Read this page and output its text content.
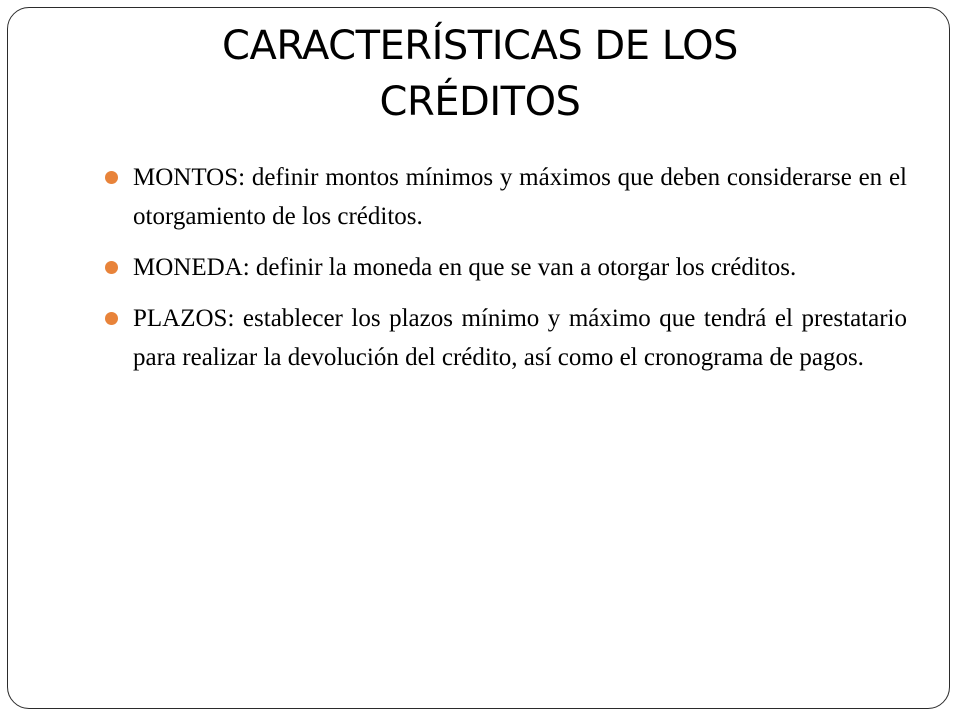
CARACTERÍSTICAS DE LOS
CRÉDITOS
MONTOS: definir montos mínimos y máximos que deben considerarse en el otorgamiento de los créditos.
MONEDA: definir la moneda en que se van a otorgar los créditos.
PLAZOS: establecer los plazos mínimo y máximo que tendrá el prestatario para realizar la devolución del crédito, así como el cronograma de pagos.
